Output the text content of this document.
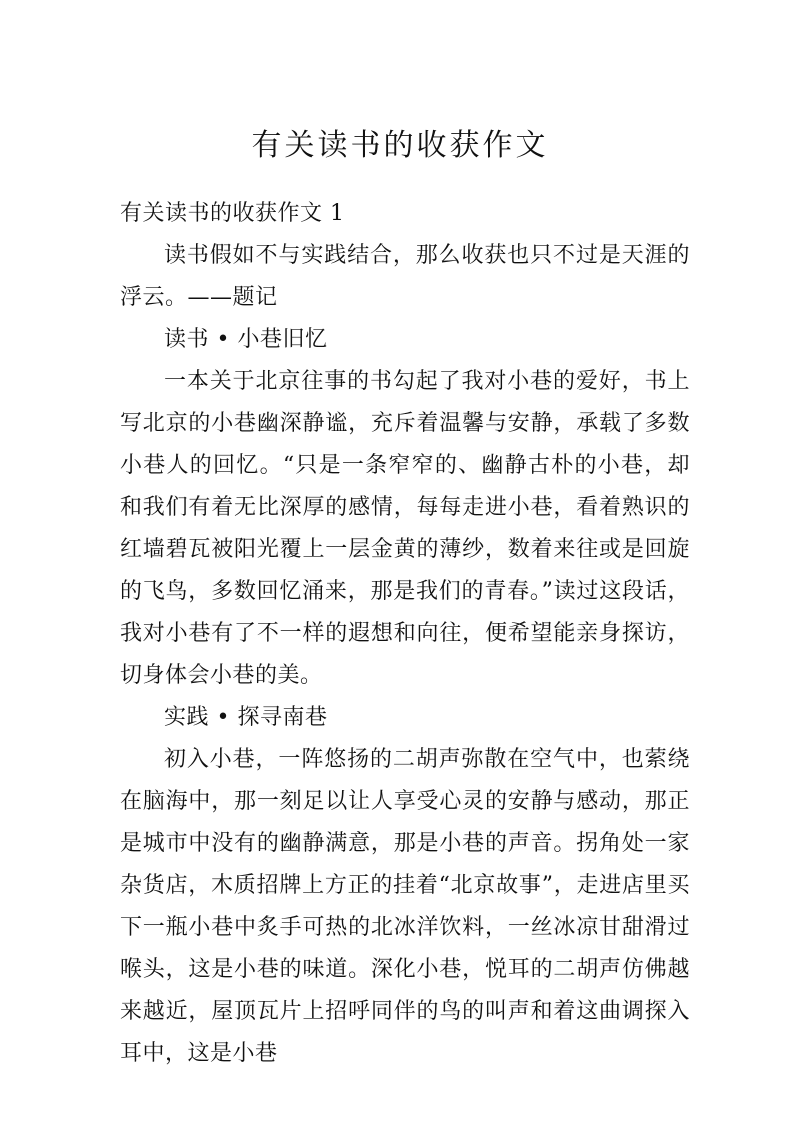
有关读书的收获作文

有关读书的收获作文 1

读书假如不与实践结合，那么收获也只不过是天涯的浮云。——题记

读书 • 小巷旧忆

一本关于北京往事的书勾起了我对小巷的爱好，书上写北京的小巷幽深静谧，充斥着温馨与安静，承载了多数小巷人的回忆。“只是一条窄窄的、幽静古朴的小巷，却和我们有着无比深厚的感情，每每走进小巷，看着熟识的红墙碧瓦被阳光覆上一层金黄的薄纱，数着来往或是回旋的飞鸟，多数回忆涌来，那是我们的青春。”读过这段话，我对小巷有了不一样的遐想和向往，便希望能亲身探访，切身体会小巷的美。

实践 • 探寻南巷

初入小巷，一阵悠扬的二胡声弥散在空气中，也萦绕在脑海中，那一刻足以让人享受心灵的安静与感动，那正是城市中没有的幽静满意，那是小巷的声音。拐角处一家杂货店，木质招牌上方正的挂着“北京故事”，走进店里买下一瓶小巷中炙手可热的北冰洋饮料，一丝冰凉甘甜滑过喉头，这是小巷的味道。深化小巷，悦耳的二胡声仿佛越来越近，屋顶瓦片上招呼同伴的鸟的叫声和着这曲调探入耳中，这是小巷
